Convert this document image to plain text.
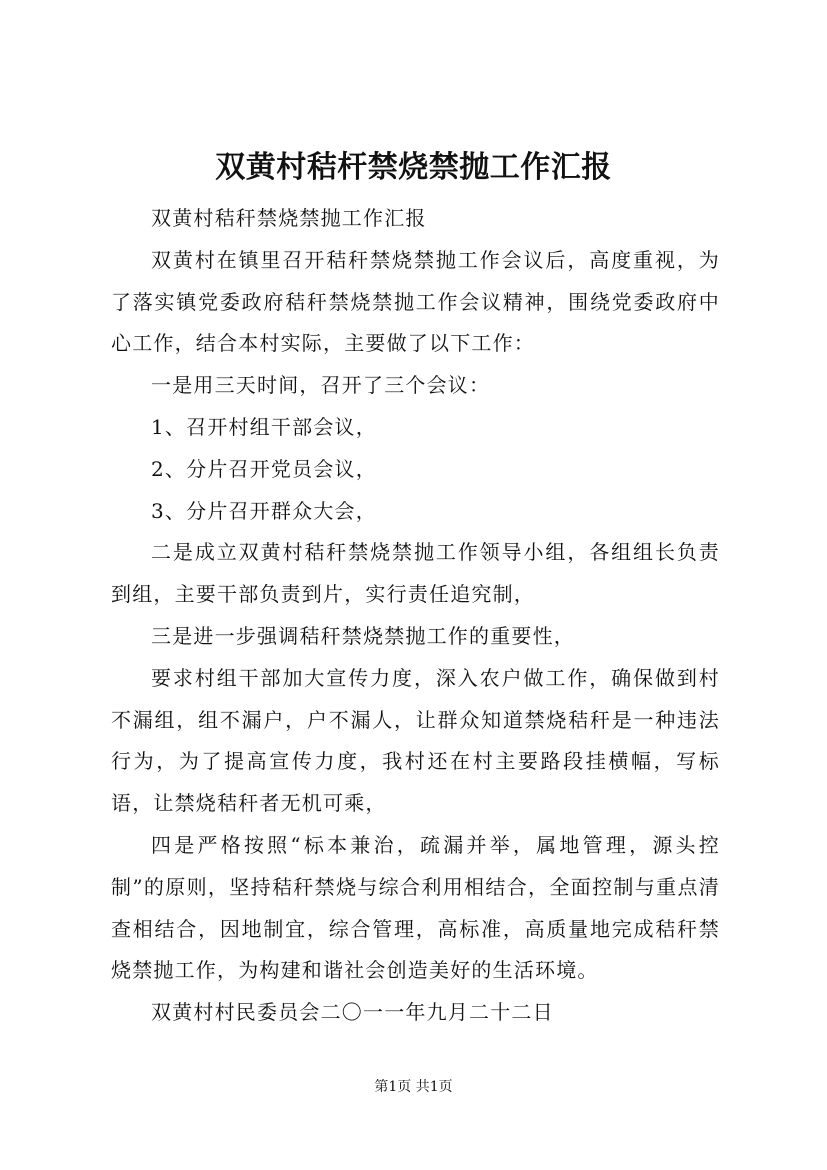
双黄村秸杆禁烧禁抛工作汇报

双黄村秸秆禁烧禁抛工作汇报

双黄村在镇里召开秸秆禁烧禁抛工作会议后，高度重视，为了落实镇党委政府秸秆禁烧禁抛工作会议精神，围绕党委政府中心工作，结合本村实际，主要做了以下工作：

一是用三天时间，召开了三个会议：

1、召开村组干部会议，

2、分片召开党员会议，

3、分片召开群众大会，

二是成立双黄村秸秆禁烧禁抛工作领导小组，各组组长负责到组，主要干部负责到片，实行责任追究制，

三是进一步强调秸秆禁烧禁抛工作的重要性，

要求村组干部加大宣传力度，深入农户做工作，确保做到村不漏组，组不漏户，户不漏人，让群众知道禁烧秸秆是一种违法行为，为了提高宣传力度，我村还在村主要路段挂横幅，写标语，让禁烧秸秆者无机可乘，

四是严格按照“标本兼治，疏漏并举，属地管理，源头控制”的原则，坚持秸秆禁烧与综合利用相结合，全面控制与重点清查相结合，因地制宜，综合管理，高标准，高质量地完成秸秆禁烧禁抛工作，为构建和谐社会创造美好的生活环境。

双黄村村民委员会二〇一一年九月二十二日

第1页 共1页
